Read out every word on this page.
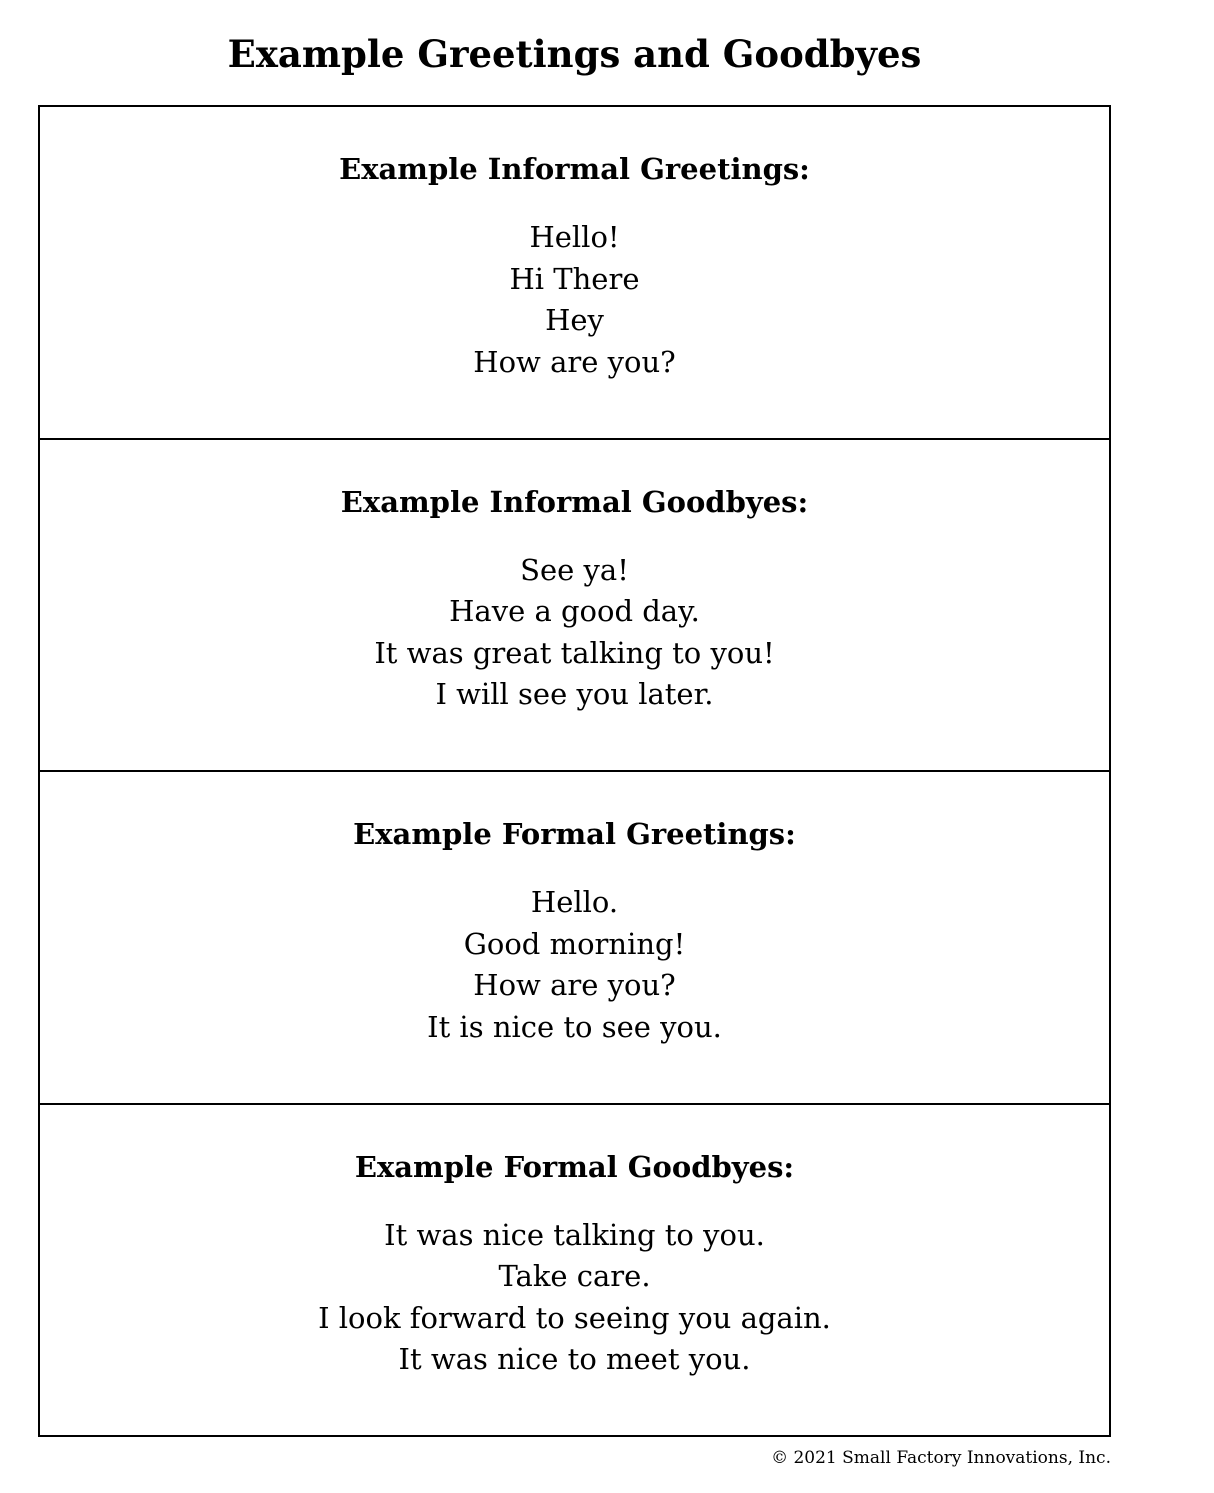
Example Greetings and Goodbyes
Example Informal Greetings:
Hello!
Hi There
Hey
How are you?
Example Informal Goodbyes:
See ya!
Have a good day.
It was great talking to you!
I will see you later.
Example Formal Greetings:
Hello.
Good morning!
How are you?
It is nice to see you.
Example Formal Goodbyes:
It was nice talking to you.
Take care.
I look forward to seeing you again.
It was nice to meet you.
© 2021 Small Factory Innovations, Inc.
